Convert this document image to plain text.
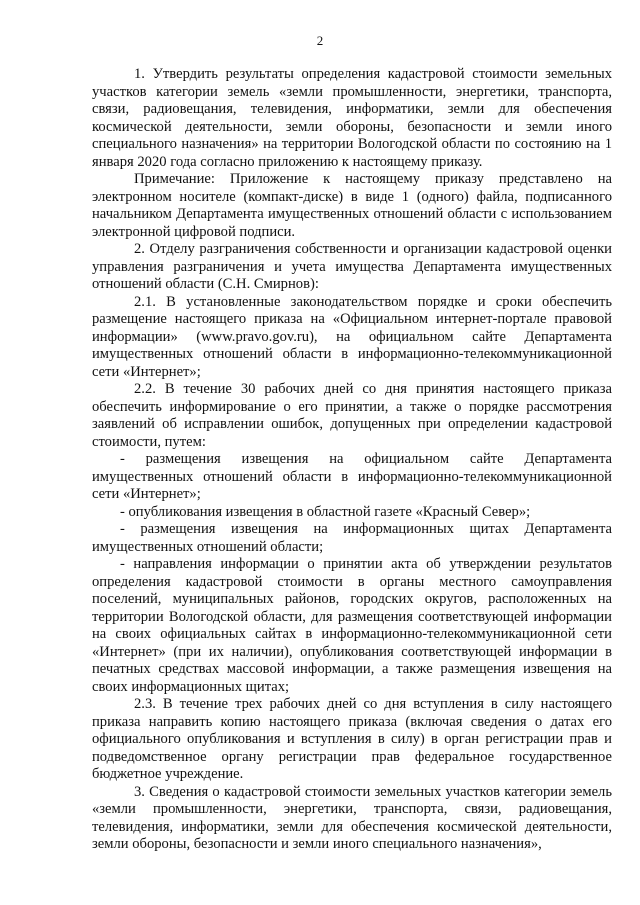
2

1. Утвердить результаты определения кадастровой стоимости земельных участков категории земель «земли промышленности, энергетики, транспорта, связи, радиовещания, телевидения, информатики, земли для обеспечения космической деятельности, земли обороны, безопасности и земли иного специального назначения» на территории Вологодской области по состоянию на 1 января 2020 года согласно приложению к настоящему приказу.

Примечание: Приложение к настоящему приказу представлено на электронном носителе (компакт-диске) в виде 1 (одного) файла, подписанного начальником Департамента имущественных отношений области с использованием электронной цифровой подписи.

2. Отделу разграничения собственности и организации кадастровой оценки управления разграничения и учета имущества Департамента имущественных отношений области (С.Н. Смирнов):

2.1. В установленные законодательством порядке и сроки обеспечить размещение настоящего приказа на «Официальном интернет-портале правовой информации» (www.pravo.gov.ru), на официальном сайте Департамента имущественных отношений области в информационно-телекоммуникационной сети «Интернет»;

2.2. В течение 30 рабочих дней со дня принятия настоящего приказа обеспечить информирование о его принятии, а также о порядке рассмотрения заявлений об исправлении ошибок, допущенных при определении кадастровой стоимости, путем:

- размещения извещения на официальном сайте Департамента имущественных отношений области в информационно-телекоммуникационной сети «Интернет»;

- опубликования извещения в областной газете «Красный Север»;

- размещения извещения на информационных щитах Департамента имущественных отношений области;

- направления информации о принятии акта об утверждении результатов определения кадастровой стоимости в органы местного самоуправления поселений, муниципальных районов, городских округов, расположенных на территории Вологодской области, для размещения соответствующей информации на своих официальных сайтах в информационно-телекоммуникационной сети «Интернет» (при их наличии), опубликования соответствующей информации в печатных средствах массовой информации, а также размещения извещения на своих информационных щитах;

2.3. В течение трех рабочих дней со дня вступления в силу настоящего приказа направить копию настоящего приказа (включая сведения о датах его официального опубликования и вступления в силу) в орган регистрации прав и подведомственное органу регистрации прав федеральное государственное бюджетное учреждение.

3. Сведения о кадастровой стоимости земельных участков категории земель «земли промышленности, энергетики, транспорта, связи, радиовещания, телевидения, информатики, земли для обеспечения космической деятельности, земли обороны, безопасности и земли иного специального назначения»,
